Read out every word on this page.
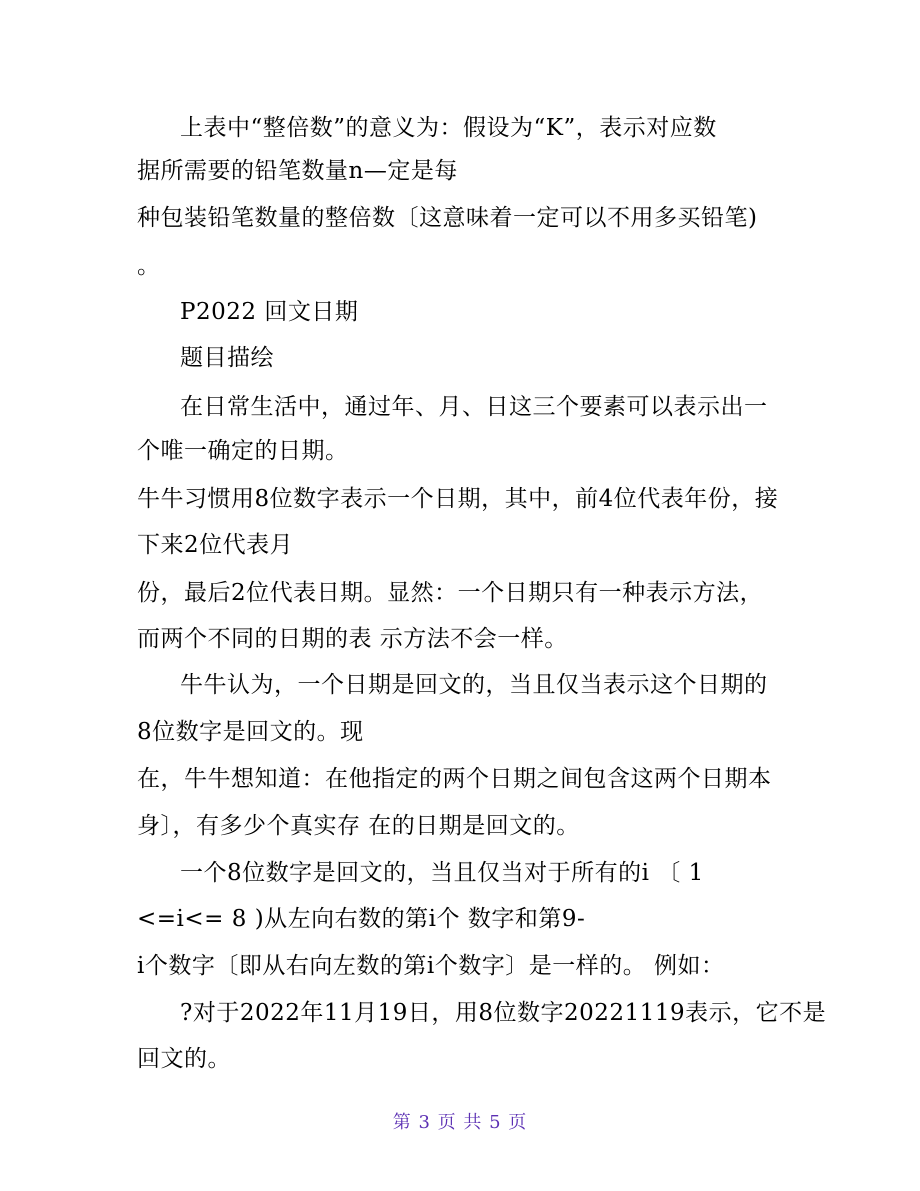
上表中“整倍数”的意义为：假设为“K”，表示对应数
据所需要的铅笔数量n—定是每
种包装铅笔数量的整倍数〔这意味着一定可以不用多买铅笔)
。
P2022 回文日期
题目描绘
在日常生活中，通过年、月、日这三个要素可以表示出一
个唯一确定的日期。
牛牛习惯用8位数字表示一个日期，其中，前4位代表年份，接
下来2位代表月
份，最后2位代表日期。显然：一个日期只有一种表示方法，
而两个不同的日期的表 示方法不会一样。
牛牛认为，一个日期是回文的，当且仅当表示这个日期的
8位数字是回文的。现
在，牛牛想知道：在他指定的两个日期之间包含这两个日期本
身〕，有多少个真实存 在的日期是回文的。
一个8位数字是回文的，当且仅当对于所有的i 〔 1
<=i<= 8 )从左向右数的第i个 数字和第9-
i个数字〔即从右向左数的第i个数字〕是一样的。 例如：
?对于2022年11月19日，用8位数字20221119表示，它不是
回文的。
第 3 页 共 5 页
